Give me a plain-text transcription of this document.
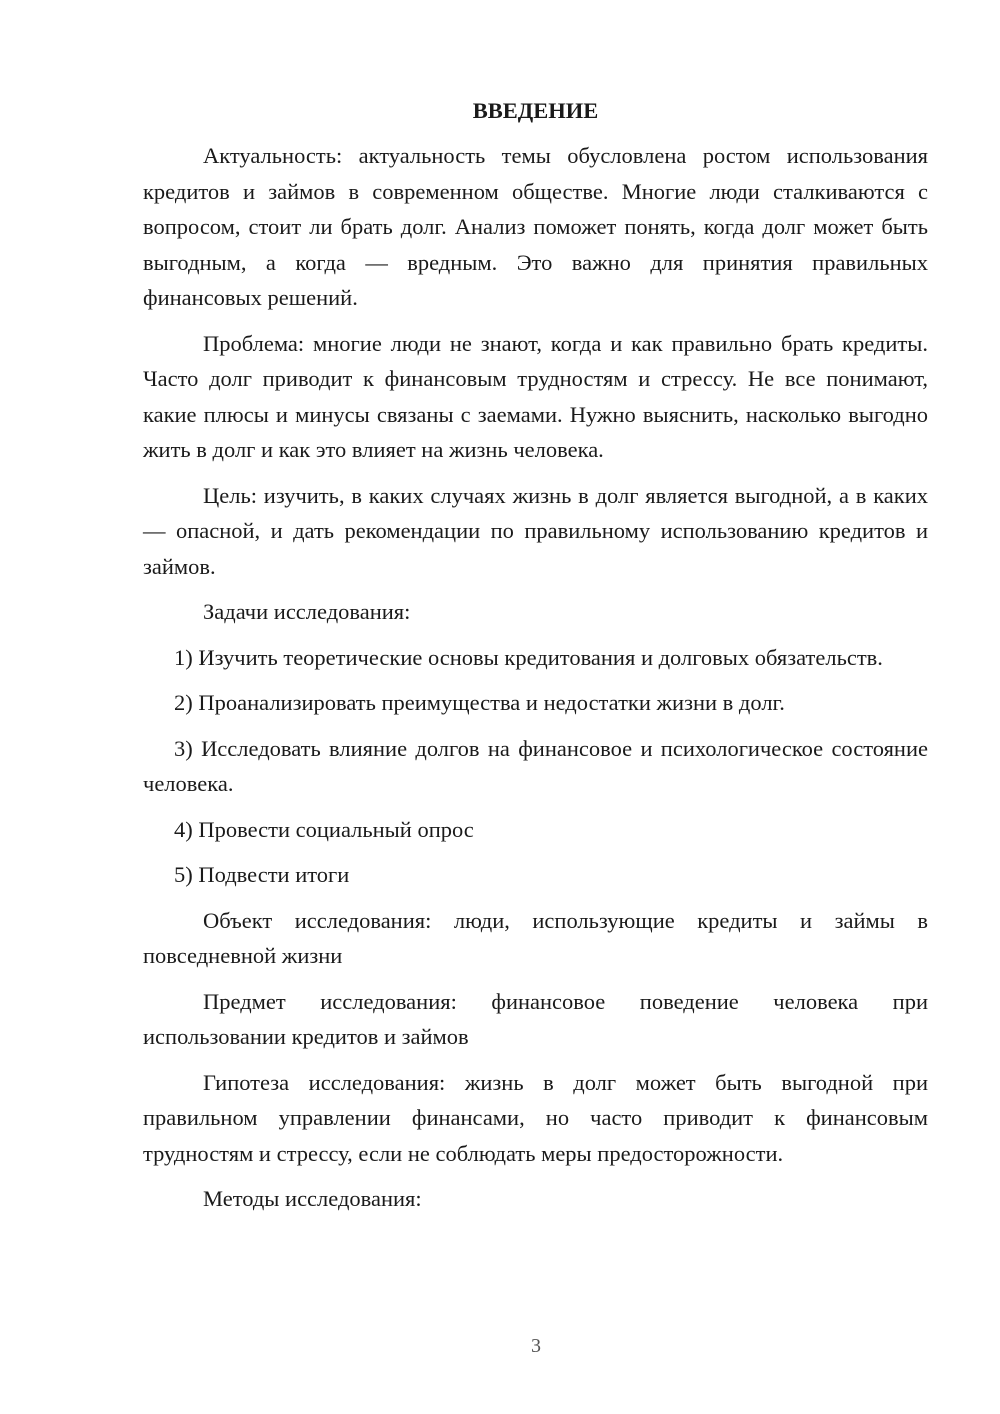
ВВЕДЕНИЕ

Актуальность: актуальность темы обусловлена ростом использования кредитов и займов в современном обществе. Многие люди сталкиваются с вопросом, стоит ли брать долг. Анализ поможет понять, когда долг может быть выгодным, а когда — вредным. Это важно для принятия правильных финансовых решений.

Проблема: многие люди не знают, когда и как правильно брать кредиты. Часто долг приводит к финансовым трудностям и стрессу. Не все понимают, какие плюсы и минусы связаны с заемами. Нужно выяснить, насколько выгодно жить в долг и как это влияет на жизнь человека.

Цель: изучить, в каких случаях жизнь в долг является выгодной, а в каких — опасной, и дать рекомендации по правильному использованию кредитов и займов.

Задачи исследования:

1) Изучить теоретические основы кредитования и долговых обязательств.

2) Проанализировать преимущества и недостатки жизни в долг.

3) Исследовать влияние долгов на финансовое и психологическое состояние человека.

4) Провести социальный опрос

5) Подвести итоги

Объект исследования: люди, использующие кредиты и займы в повседневной жизни

Предмет исследования: финансовое поведение человека при использовании кредитов и займов

Гипотеза исследования: жизнь в долг может быть выгодной при правильном управлении финансами, но часто приводит к финансовым трудностям и стрессу, если не соблюдать меры предосторожности.

Методы исследования:

3
